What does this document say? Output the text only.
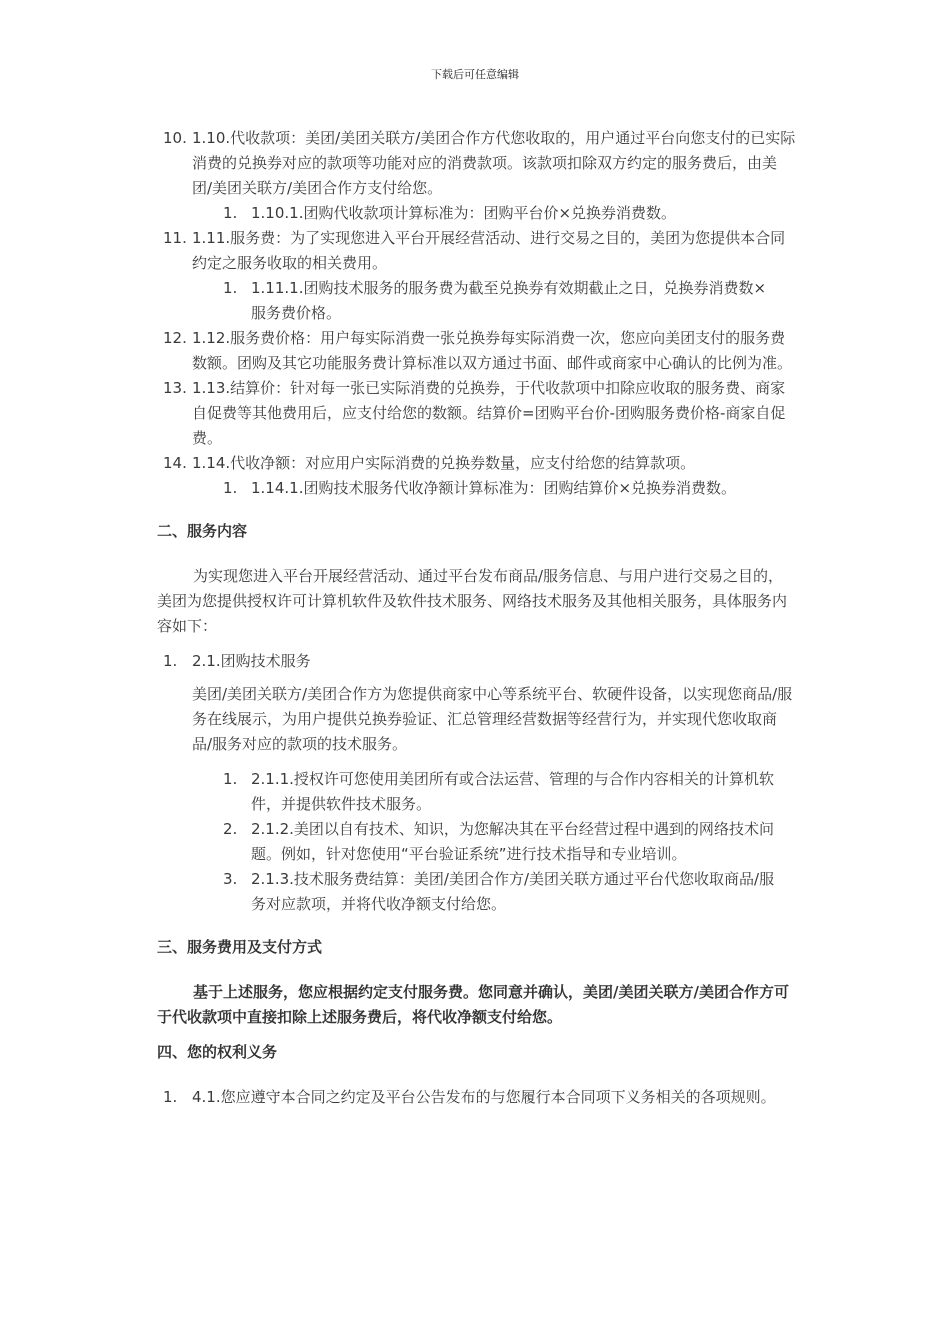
下载后可任意编辑
10. 1.10.代收款项：美团/美团关联方/美团合作方代您收取的，用户通过平台向您支付的已实际消费的兑换券对应的款项等功能对应的消费款项。该款项扣除双方约定的服务费后，由美团/美团关联方/美团合作方支付给您。
1. 1.10.1.团购代收款项计算标准为：团购平台价×兑换券消费数。
11. 1.11.服务费：为了实现您进入平台开展经营活动、进行交易之目的，美团为您提供本合同约定之服务收取的相关费用。
1. 1.11.1.团购技术服务的服务费为截至兑换券有效期截止之日，兑换券消费数×服务费价格。
12. 1.12.服务费价格：用户每实际消费一张兑换券每实际消费一次，您应向美团支付的服务费数额。团购及其它功能服务费计算标准以双方通过书面、邮件或商家中心确认的比例为准。
13. 1.13.结算价：针对每一张已实际消费的兑换券，于代收款项中扣除应收取的服务费、商家自促费等其他费用后，应支付给您的数额。结算价=团购平台价-团购服务费价格-商家自促费。
14. 1.14.代收净额：对应用户实际消费的兑换券数量，应支付给您的结算款项。
1. 1.14.1.团购技术服务代收净额计算标准为：团购结算价×兑换券消费数。
二、服务内容
为实现您进入平台开展经营活动、通过平台发布商品/服务信息、与用户进行交易之目的，美团为您提供授权许可计算机软件及软件技术服务、网络技术服务及其他相关服务，具体服务内容如下：
1. 2.1.团购技术服务
美团/美团关联方/美团合作方为您提供商家中心等系统平台、软硬件设备，以实现您商品/服务在线展示，为用户提供兑换券验证、汇总管理经营数据等经营行为，并实现代您收取商品/服务对应的款项的技术服务。
1. 2.1.1.授权许可您使用美团所有或合法运营、管理的与合作内容相关的计算机软件，并提供软件技术服务。
2. 2.1.2.美团以自有技术、知识，为您解决其在平台经营过程中遇到的网络技术问题。例如，针对您使用“平台验证系统”进行技术指导和专业培训。
3. 2.1.3.技术服务费结算：美团/美团合作方/美团关联方通过平台代您收取商品/服务对应款项，并将代收净额支付给您。
三、服务费用及支付方式
基于上述服务，您应根据约定支付服务费。您同意并确认，美团/美团关联方/美团合作方可于代收款项中直接扣除上述服务费后，将代收净额支付给您。
四、您的权利义务
1. 4.1.您应遵守本合同之约定及平台公告发布的与您履行本合同项下义务相关的各项规则。
